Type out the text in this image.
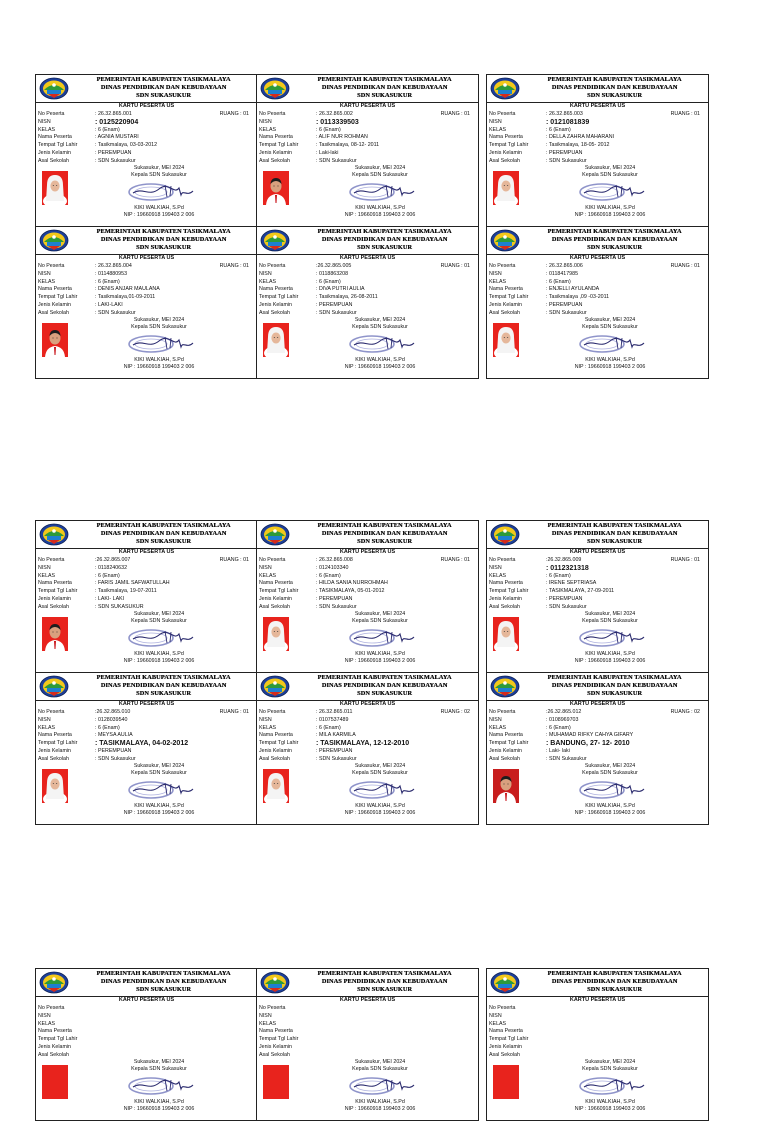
PEMERINTAH KABUPATEN TASIKMALAYA
DINAS PENDIDIKAN DAN KEBUDAYAAN
SDN SUKASUKUR
KARTU PESERTA US
No Peserta	: 26.32.865.001	RUANG : 01
NISN	: 0125220904
KELAS	: 6 (Enam)
Nama Peserta	: AGNIA MUSTARI
Tempat Tgl Lahir	: Tasikmalaya, 03-03-2012
Jenis Kelamin	: PEREMPUAN
Asal Sekolah	: SDN Sukasukur
Sukasukur, MEI 2024
Kepala SDN Sukasukur
KIKI WALKIAH, S.Pd
NIP : 19660918 199403 2 006
PEMERINTAH KABUPATEN TASIKMALAYA
DINAS PENDIDIKAN DAN KEBUDAYAAN
SDN SUKASUKUR
KARTU PESERTA US
No Peserta	: 26.32.865.002	RUANG : 01
NISN	: 0113339503
KELAS	: 6 (Enam)
Nama Peserta	: ALIF NUR ROHMAN
Tempat Tgl Lahir	: Tasikmalaya, 08-12- 2011
Jenis Kelamin	: Laki-laki
Asal Sekolah	: SDN Sukasukur
Sukasukur, MEI 2024
Kepala SDN Sukasukur
KIKI WALKIAH, S.Pd
NIP : 19660918 199403 2 006
PEMERINTAH KABUPATEN TASIKMALAYA
DINAS PENDIDIKAN DAN KEBUDAYAAN
SDN SUKASUKUR
KARTU PESERTA US
No Peserta	: 26.32.865.003	RUANG : 01
NISN	: 0121081839
KELAS	: 6 (Enam)
Nama Peserta	: DELLA ZAHRA MAHARANI
Tempat Tgl Lahir	: Tasikmalaya, 18-05- 2012
Jenis Kelamin	: PEREMPUAN
Asal Sekolah	: SDN Sukasukur
Sukasukur, MEI 2024
Kepala SDN Sukasukur
KIKI WALKIAH, S.Pd
NIP : 19660918 199403 2 006
PEMERINTAH KABUPATEN TASIKMALAYA
DINAS PENDIDIKAN DAN KEBUDAYAAN
SDN SUKASUKUR
KARTU PESERTA US
No Peserta	: 26.32.865.004	RUANG : 01
NISN	: 0114880953
KELAS	: 6 (Enam)
Nama Peserta	: DENIS ANJAR MAULANA
Tempat Tgl Lahir	: Tasikmalaya,01-09-2011
Jenis Kelamin	: LAKI-LAKI
Asal Sekolah	: SDN Sukasukur
Sukasukur, MEI 2024
Kepala SDN Sukasukur
KIKI WALKIAH, S.Pd
NIP : 19660918 199403 2 006
PEMERINTAH KABUPATEN TASIKMALAYA
DINAS PENDIDIKAN DAN KEBUDAYAAN
SDN SUKASUKUR
KARTU PESERTA US
No Peserta	:26.32.865.005	RUANG : 01
NISN	: 0118863208
KELAS	: 6 (Enam)
Nama Peserta	: DIVA PUTRI AULIA
Tempat Tgl Lahir	: Tasikmalaya, 26-08-2011
Jenis Kelamin	: PEREMPUAN
Asal Sekolah	: SDN Sukasukur
Sukasukur, MEI 2024
Kepala SDN Sukasukur
KIKI WALKIAH, S.Pd
NIP : 19660918 199403 2 006
PEMERINTAH KABUPATEN TASIKMALAYA
DINAS PENDIDIKAN DAN KEBUDAYAAN
SDN SUKASUKUR
KARTU PESERTA US
No Peserta	: 26.32.865.006	RUANG : 01
NISN	: 0118417985
KELAS	: 6 (Enam)
Nama Peserta	: ENJELLI AYULANDA
Tempat Tgl Lahir	: Tasikmalaya ,09 -03-2011
Jenis Kelamin	: PEREMPUAN
Asal Sekolah	: SDN Sukasukur
Sukasukur, MEI 2024
Kepala SDN Sukasukur
KIKI WALKIAH, S.Pd
NIP : 19660918 199403 2 006
PEMERINTAH KABUPATEN TASIKMALAYA
DINAS PENDIDIKAN DAN KEBUDAYAAN
SDN SUKASUKUR
KARTU PESERTA US
No Peserta	:26.32.865.007	RUANG : 01
NISN	: 0118240632
KELAS	: 6 (Enam)
Nama Peserta	: FARIS JAMIL SAFWATULLAH
Tempat Tgl Lahir	: Tasikmalaya, 19-07-2011
Jenis Kelamin	: LAKI- LAKI
Asal Sekolah	: SDN SUKASUKUR
Sukasukur, MEI 2024
Kepala SDN Sukasukur
KIKI WALKIAH, S.Pd
NIP : 19660918 199403 2 006
PEMERINTAH KABUPATEN TASIKMALAYA
DINAS PENDIDIKAN DAN KEBUDAYAAN
SDN SUKASUKUR
KARTU PESERTA US
No Peserta	: 26.32.865.008	RUANG : 01
NISN	: 0124103340
KELAS	: 6 (Enam)
Nama Peserta	: HILDA SANIA NURROHMAH
Tempat Tgl Lahir	: TASIKMALAYA, 05-01-2012
Jenis Kelamin	: PEREMPUAN
Asal Sekolah	: SDN Sukasukur
Sukasukur, MEI 2024
Kepala SDN Sukasukur
KIKI WALKIAH, S.Pd
NIP : 19660918 199403 2 006
PEMERINTAH KABUPATEN TASIKMALAYA
DINAS PENDIDIKAN DAN KEBUDAYAAN
SDN SUKASUKUR
KARTU PESERTA US
No Peserta	:26.32.865.009	RUANG : 01
NISN	: 0112321318
KELAS	: 6 (Enam)
Nama Peserta	: IRENE SEPTRIASA
Tempat Tgl Lahir	: TASIKMALAYA, 27-09-2011
Jenis Kelamin	: PEREMPUAN
Asal Sekolah	: SDN Sukasukur
Sukasukur, MEI 2024
Kepala SDN Sukasukur
KIKI WALKIAH, S.Pd
NIP : 19660918 199403 2 006
PEMERINTAH KABUPATEN TASIKMALAYA
DINAS PENDIDIKAN DAN KEBUDAYAAN
SDN SUKASUKUR
KARTU PESERTA US
No Peserta	:26.32.865.010	RUANG : 01
NISN	: 0128039540
KELAS	: 6 (Enam)
Nama Peserta	: MEYSA AULIA
Tempat Tgl Lahir	: TASIKMALAYA, 04-02-2012
Jenis Kelamin	: PEREMPUAN
Asal Sekolah	: SDN Sukasukur
Sukasukur, MEI 2024
Kepala SDN Sukasukur
KIKI WALKIAH, S.Pd
NIP : 19660918 199403 2 006
PEMERINTAH KABUPATEN TASIKMALAYA
DINAS PENDIDIKAN DAN KEBUDAYAAN
SDN SUKASUKUR
KARTU PESERTA US
No Peserta	: 26.32.865.011	RUANG : 02
NISN	: 0107537489
KELAS	: 6 (Enam)
Nama Peserta	: MILA KARMILA
Tempat Tgl Lahir	: TASIKMALAYA, 12-12-2010
Jenis Kelamin	: PEREMPUAN
Asal Sekolah	: SDN Sukasukur
Sukasukur, MEI 2024
Kepala SDN Sukasukur
KIKI WALKIAH, S.Pd
NIP : 19660918 199403 2 006
PEMERINTAH KABUPATEN TASIKMALAYA
DINAS PENDIDIKAN DAN KEBUDAYAAN
SDN SUKASUKUR
KARTU PESERTA US
No Peserta	:26.32.865.012	RUANG : 02
NISN	: 0108969703
KELAS	: 6 (Enam)
Nama Peserta	: MUHAMAD RIFKY CAHYA GIFARY
Tempat Tgl Lahir	: BANDUNG, 27- 12- 2010
Jenis Kelamin	: Laki- laki
Asal Sekolah	: SDN Sukasukur
Sukasukur, MEI 2024
Kepala SDN Sukasukur
KIKI WALKIAH, S.Pd
NIP : 19660918 199403 2 006
PEMERINTAH KABUPATEN TASIKMALAYA
DINAS PENDIDIKAN DAN KEBUDAYAAN
SDN SUKASUKUR
KARTU PESERTA US
No Peserta
NISN
KELAS
Nama Peserta
Tempat Tgl Lahir
Jenis Kelamin
Asal Sekolah
Sukasukur, MEI 2024
Kepala SDN Sukasukur
KIKI WALKIAH, S.Pd
NIP : 19660918 199403 2 006
PEMERINTAH KABUPATEN TASIKMALAYA
DINAS PENDIDIKAN DAN KEBUDAYAAN
SDN SUKASUKUR
KARTU PESERTA US
No Peserta
NISN
KELAS
Nama Peserta
Tempat Tgl Lahir
Jenis Kelamin
Asal Sekolah
Sukasukur, MEI 2024
Kepala SDN Sukasukur
KIKI WALKIAH, S.Pd
NIP : 19660918 199403 2 006
PEMERINTAH KABUPATEN TASIKMALAYA
DINAS PENDIDIKAN DAN KEBUDAYAAN
SDN SUKASUKUR
KARTU PESERTA US
No Peserta
NISN
KELAS
Nama Peserta
Tempat Tgl Lahir
Jenis Kelamin
Asal Sekolah
Sukasukur, MEI 2024
Kepala SDN Sukasukur
KIKI WALKIAH, S.Pd
NIP : 19660918 199403 2 006
